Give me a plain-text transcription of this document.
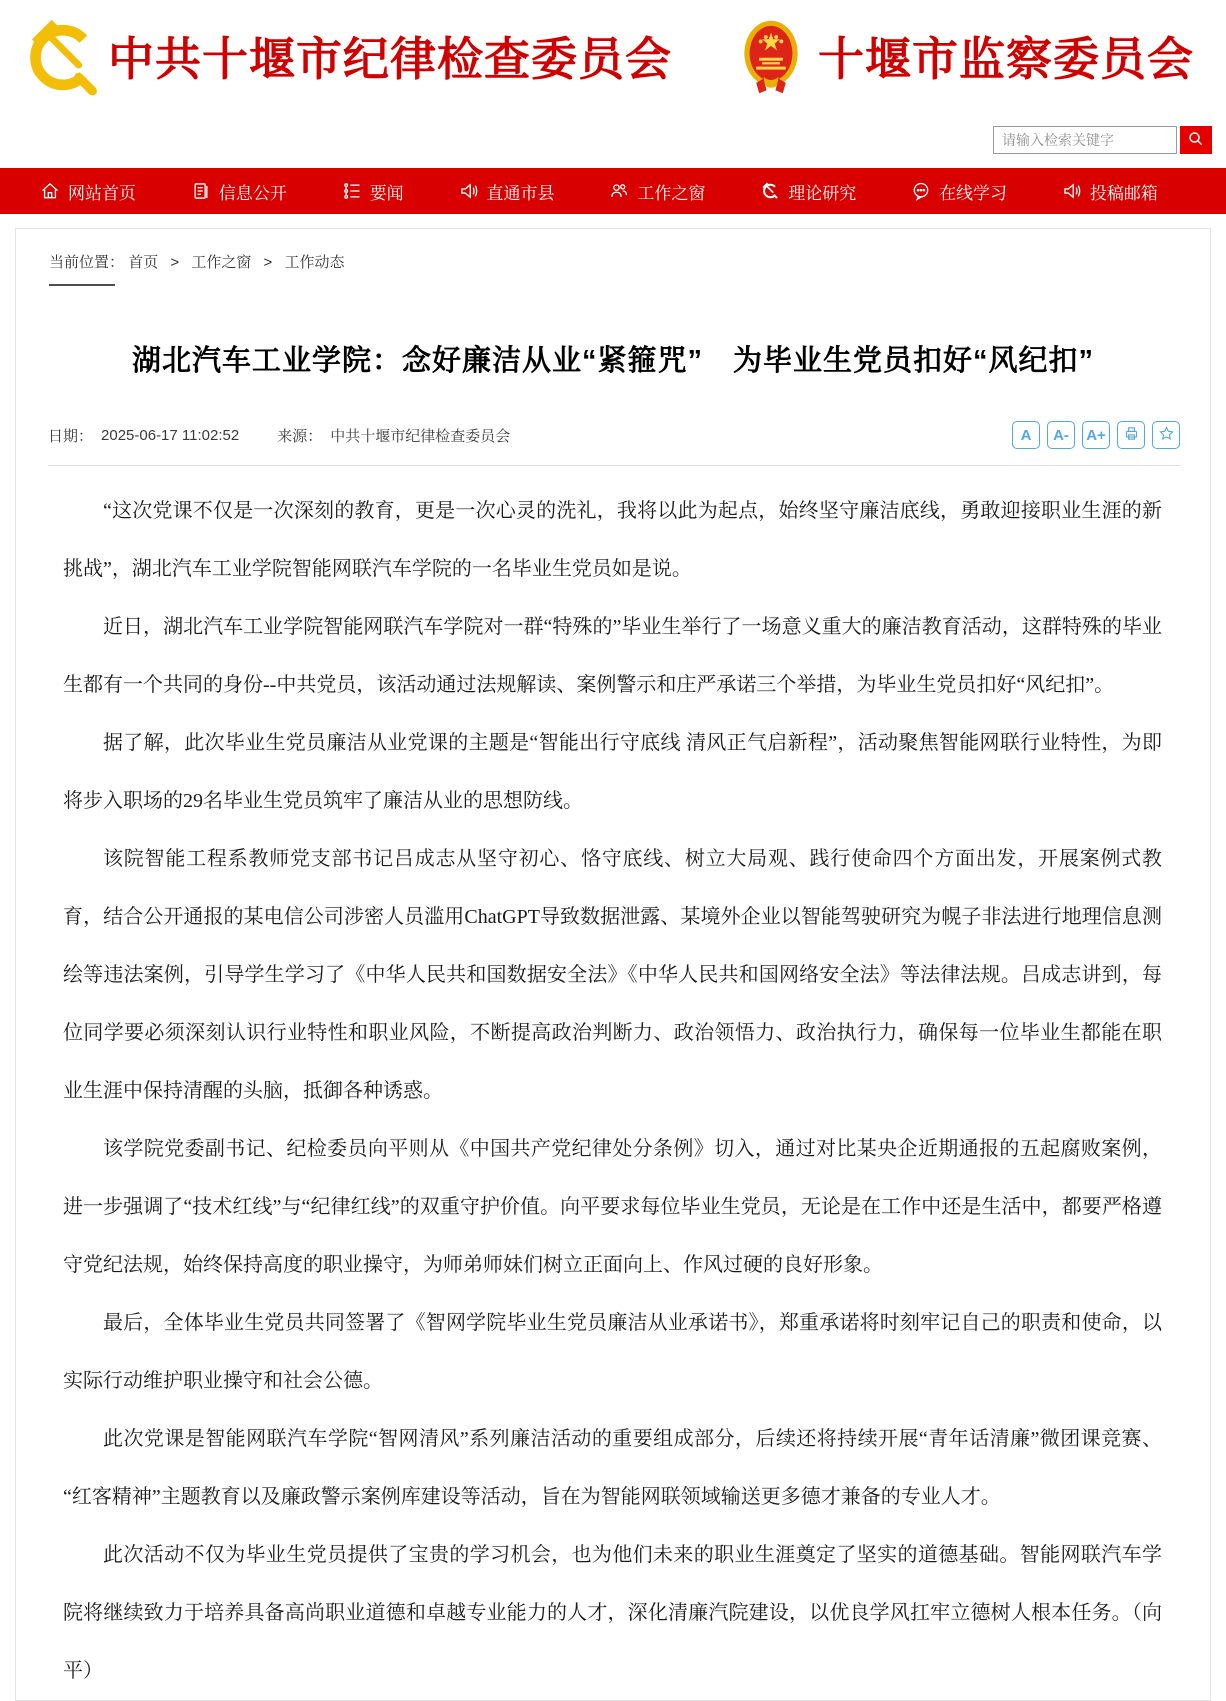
中共十堰市纪律检查委员会	十堰市监察委员会
请输入检索关键字
网站首页	信息公开	要闻	直通市县	工作之窗	理论研究	在线学习	投稿邮箱
当前位置： 首页 > 工作之窗 > 工作动态
湖北汽车工业学院：念好廉洁从业“紧箍咒”　为毕业生党员扣好“风纪扣”
日期： 2025-06-17 11:02:52	来源： 中共十堰市纪律检查委员会	A	A-	A+

“这次党课不仅是一次深刻的教育，更是一次心灵的洗礼，我将以此为起点，始终坚守廉洁底线，勇敢迎接职业生涯的新挑战”，湖北汽车工业学院智能网联汽车学院的一名毕业生党员如是说。

近日，湖北汽车工业学院智能网联汽车学院对一群“特殊的”毕业生举行了一场意义重大的廉洁教育活动，这群特殊的毕业生都有一个共同的身份--中共党员，该活动通过法规解读、案例警示和庄严承诺三个举措，为毕业生党员扣好“风纪扣”。

据了解，此次毕业生党员廉洁从业党课的主题是“智能出行守底线 清风正气启新程”，活动聚焦智能网联行业特性，为即将步入职场的29名毕业生党员筑牢了廉洁从业的思想防线。

该院智能工程系教师党支部书记吕成志从坚守初心、恪守底线、树立大局观、践行使命四个方面出发，开展案例式教育，结合公开通报的某电信公司涉密人员滥用ChatGPT导致数据泄露、某境外企业以智能驾驶研究为幌子非法进行地理信息测绘等违法案例，引导学生学习了《中华人民共和国数据安全法》《中华人民共和国网络安全法》等法律法规。吕成志讲到，每位同学要必须深刻认识行业特性和职业风险，不断提高政治判断力、政治领悟力、政治执行力，确保每一位毕业生都能在职业生涯中保持清醒的头脑，抵御各种诱惑。

该学院党委副书记、纪检委员向平则从《中国共产党纪律处分条例》切入，通过对比某央企近期通报的五起腐败案例，进一步强调了“技术红线”与“纪律红线”的双重守护价值。向平要求每位毕业生党员，无论是在工作中还是生活中，都要严格遵守党纪法规，始终保持高度的职业操守，为师弟师妹们树立正面向上、作风过硬的良好形象。

最后，全体毕业生党员共同签署了《智网学院毕业生党员廉洁从业承诺书》，郑重承诺将时刻牢记自己的职责和使命，以实际行动维护职业操守和社会公德。

此次党课是智能网联汽车学院“智网清风”系列廉洁活动的重要组成部分，后续还将持续开展“青年话清廉”微团课竞赛、“红客精神”主题教育以及廉政警示案例库建设等活动，旨在为智能网联领域输送更多德才兼备的专业人才。

此次活动不仅为毕业生党员提供了宝贵的学习机会，也为他们未来的职业生涯奠定了坚实的道德基础。智能网联汽车学院将继续致力于培养具备高尚职业道德和卓越专业能力的人才，深化清廉汽院建设，以优良学风扛牢立德树人根本任务。（向平）
